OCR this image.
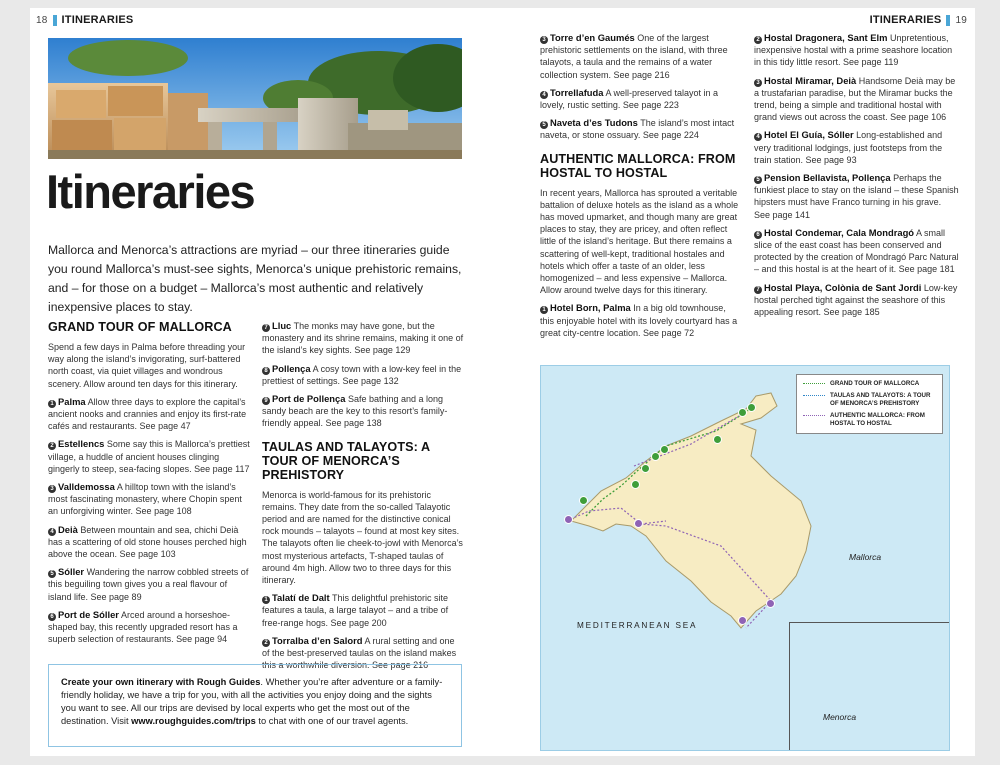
18 ITINERARIES
Itineraries

Mallorca and Menorca’s attractions are myriad – our three itineraries guide you round Mallorca’s must-see sights, Menorca’s unique prehistoric remains, and – for those on a budget – Mallorca’s most authentic and relatively inexpensive places to stay.

GRAND TOUR OF MALLORCA

Spend a few days in Palma before threading your way along the island’s invigorating, surf-battered north coast, via quiet villages and wondrous scenery. Allow around ten days for this itinerary.

1 Palma Allow three days to explore the capital’s ancient nooks and crannies and enjoy its first-rate cafés and restaurants. See page 47
2 Estellencs Some say this is Mallorca’s prettiest village, a huddle of ancient houses clinging gingerly to steep, sea-facing slopes. See page 117
3 Valldemossa A hilltop town with the island’s most fascinating monastery, where Chopin spent an unforgiving winter. See page 108
4 Deià Between mountain and sea, chichi Deià has a scattering of old stone houses perched high above the ocean. See page 103
5 Sóller Wandering the narrow cobbled streets of this beguiling town gives you a real flavour of island life. See page 89
6 Port de Sóller Arced around a horseshoe-shaped bay, this recently upgraded resort has a superb selection of restaurants. See page 94
7 Lluc The monks may have gone, but the monastery and its shrine remains, making it one of the island’s key sights. See page 129
8 Pollença A cosy town with a low-key feel in the prettiest of settings. See page 132
9 Port de Pollença Safe bathing and a long sandy beach are the key to this resort’s family-friendly appeal. See page 138
TAULAS AND TALAYOTS: A TOUR OF MENORCA’S PREHISTORY

Menorca is world-famous for its prehistoric remains. They date from the so-called Talayotic period and are named for the distinctive conical rock mounds – talayots – found at most key sites. The talayots often lie cheek-to-jowl with Menorca’s most mysterious artefacts, T-shaped taulas of around 4m high. Allow two to three days for this itinerary.

1 Talatí de Dalt This delightful prehistoric site features a taula, a large talayot – and a tribe of free-range hogs. See page 200
2 Torralba d’en Salord A rural setting and one of the best-preserved taulas on the island makes this a worthwhile diversion. See page 216
Create your own itinerary with Rough Guides. Whether you’re after adventure or a family-friendly holiday, we have a trip for you, with all the activities you enjoy doing and the sights you want to see. All our trips are devised by local experts who get the most out of the destination. Visit www.roughguides.com/trips to chat with one of our travel agents.
ITINERARIES 19
3 Torre d’en Gaumés One of the largest prehistoric settlements on the island, with three talayots, a taula and the remains of a water collection system. See page 216
4 Torrellafuda A well-preserved talayot in a lovely, rustic setting. See page 223
5 Naveta d’es Tudons The island’s most intact naveta, or stone ossuary. See page 224
AUTHENTIC MALLORCA: FROM HOSTAL TO HOSTAL

In recent years, Mallorca has sprouted a veritable battalion of deluxe hotels as the island as a whole has moved upmarket, and though many are great places to stay, they are pricey, and often reflect little of the island’s heritage. But there remains a scattering of well-kept, traditional hostales and hotels which offer a taste of an older, less homogenized – and less expensive – Mallorca. Allow around twelve days for this itinerary.

1 Hotel Born, Palma In a big old townhouse, this enjoyable hotel with its lovely courtyard has a great city-centre location. See page 72
2 Hostal Dragonera, Sant Elm Unpretentious, inexpensive hostal with a prime seashore location in this tidy little resort. See page 119
3 Hostal Miramar, Deià Handsome Deià may be a trustafarian paradise, but the Miramar bucks the trend, being a simple and traditional hostal with grand views out across the coast. See page 106
4 Hotel El Guía, Sóller Long-established and very traditional lodgings, just footsteps from the train station. See page 93
5 Pension Bellavista, Pollença Perhaps the funkiest place to stay on the island – these Spanish hipsters must have Franco turning in his grave. See page 141
6 Hostal Condemar, Cala Mondragó A small slice of the east coast has been conserved and protected by the creation of Mondragó Parc Natural – and this hostal is at the heart of it. See page 181
7 Hostal Playa, Colònia de Sant Jordi Low-key hostal perched tight against the seashore of this appealing resort. See page 185
GRAND TOUR OF MALLORCA
TAULAS AND TALAYOTS: A TOUR OF MENORCA’S PREHISTORY
AUTHENTIC MALLORCA: FROM HOSTAL TO HOSTAL
Mallorca
MEDITERRANEAN SEA
Menorca
